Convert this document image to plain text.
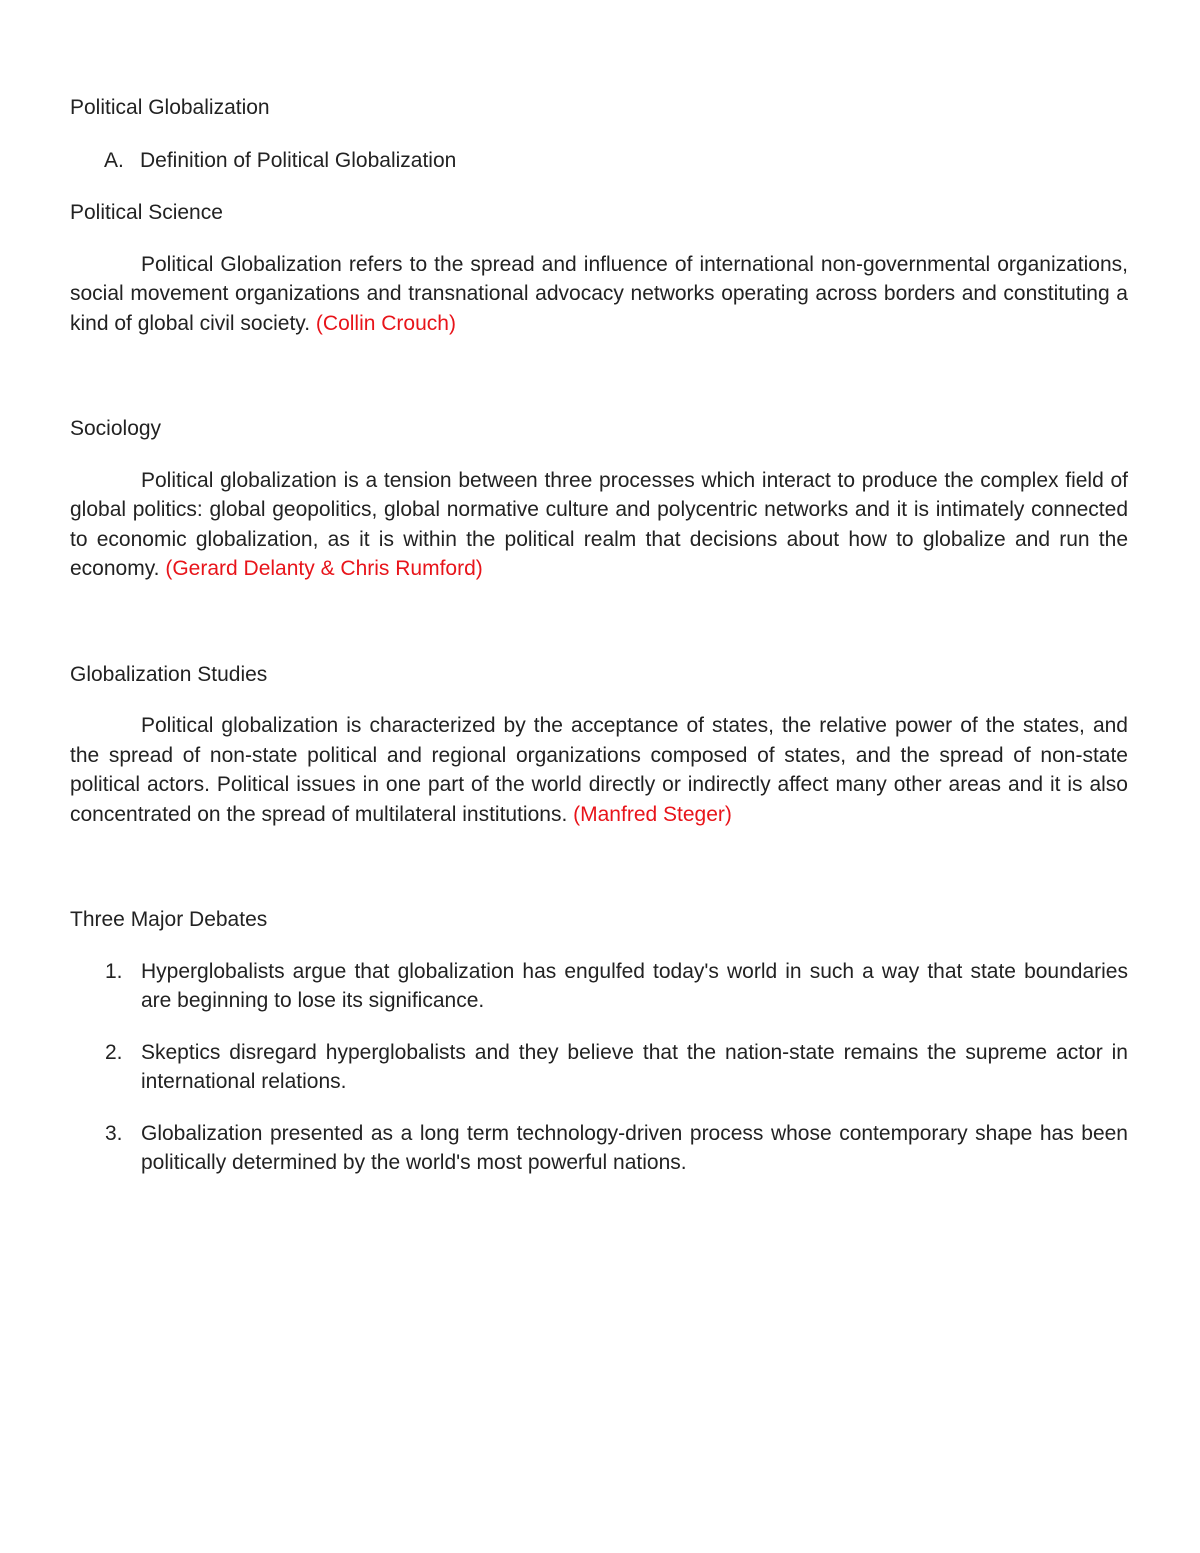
Political Globalization
A. Definition of Political Globalization
Political Science

Political Globalization refers to the spread and influence of international non-governmental organizations, social movement organizations and transnational advocacy networks operating across borders and constituting a kind of global civil society. (Collin Crouch)

Sociology

Political globalization is a tension between three processes which interact to produce the complex field of global politics: global geopolitics, global normative culture and polycentric networks and it is intimately connected to economic globalization, as it is within the political realm that decisions about how to globalize and run the economy. (Gerard Delanty & Chris Rumford)

Globalization Studies

Political globalization is characterized by the acceptance of states, the relative power of the states, and the spread of non-state political and regional organizations composed of states, and the spread of non-state political actors. Political issues in one part of the world directly or indirectly affect many other areas and it is also concentrated on the spread of multilateral institutions. (Manfred Steger)

Three Major Debates
1. Hyperglobalists argue that globalization has engulfed today's world in such a way that state boundaries are beginning to lose its significance.
2. Skeptics disregard hyperglobalists and they believe that the nation-state remains the supreme actor in international relations.
3. Globalization presented as a long term technology-driven process whose contemporary shape has been politically determined by the world's most powerful nations.
